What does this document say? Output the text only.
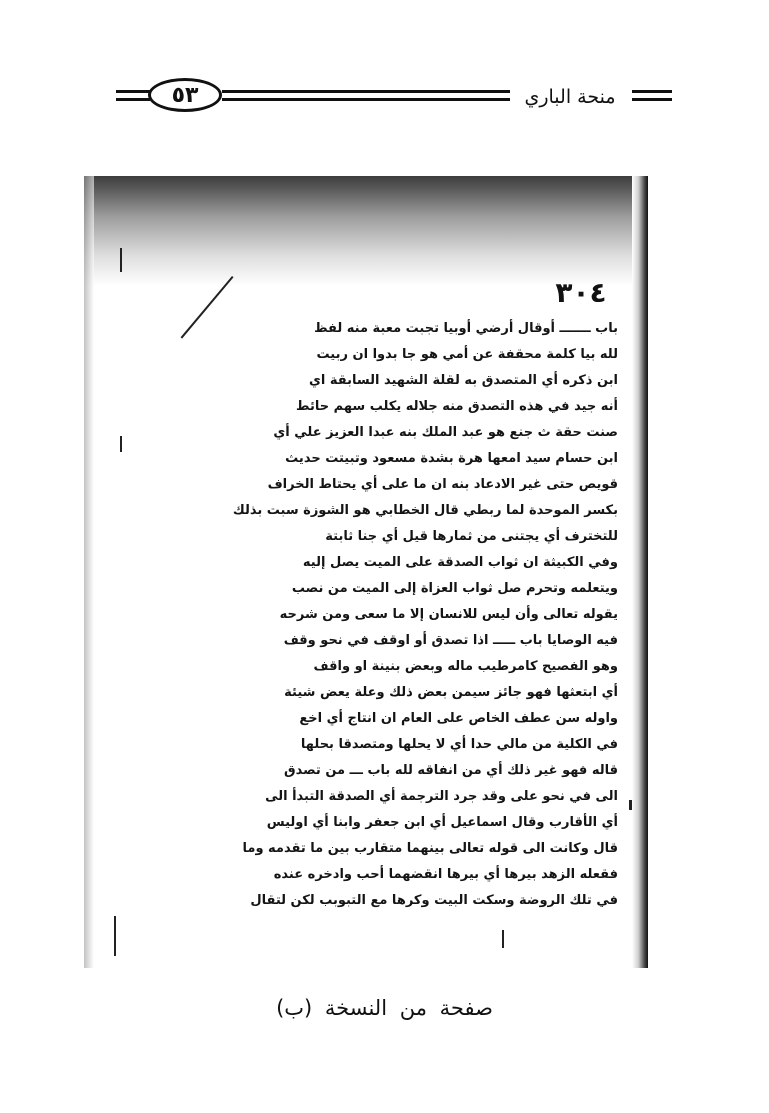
٥٣	منحة الباري
٣٠٤
باب ـــــــ أوقال أرضي أوبيا تجبت معبة منه لفظ
لله بيا كلمة محقفة عن أمي هو جا بدوا ان ربيت
ابن ذكره أي المتصدق به لقلة الشهيد السابقة اي
أنه جيد في هذه التصدق منه جلاله يكلب سهم حائط
صنت حقة ث جنع هو عبد الملك بنه عبدا العزيز علي أي
ابن حسام سيد امعها هرة بشدة مسعود وتبيتت حديث
قويص حتى غير الادعاد بنه ان ما على أي يحتاط الخراف
بكسر الموحدة لما ربطي قال الخطابي هو الشوزة سبت بذلك
للتخترف أي يجتنى من ثمارها قيل أي جنا ثابتة
وفي الكبيثة ان ثواب الصدقة على الميت يصل إليه
ويتعلمه وتحرم صل ثواب العزاة إلى الميت من نصب
يقوله تعالى وأن ليس للانسان إلا ما سعى ومن شرحه
فيه الوصايا باب ـــــ اذا تصدق أو اوقف في نحو وقف
وهو الفصيح كامرطيب ماله وبعض بنينة او واقف
أي ابتعثها فهو جائز سيمن بعض ذلك وعلة يعض شيئة
واوله سن عطف الخاص على العام ان انتاج أي اخع
في الكلية من مالي حدا أي لا يحلها ومتصدقا بحلها
قاله فهو غير ذلك أي من انفاقه لله باب ـــ من تصدق
الى في نحو على وقد جرد الترجمة أي الصدقة التبدأ الى
أي الأقارب وقال اسماعيل أي ابن جعفر وابنا أي اوليس
قال وكانت الى قوله تعالى بينهما متقارب بين ما تقدمه وما
فقعله الزهد بيرها أي بيرها انقضهما أحب وادخره عنده
في تلك الروضة وسكت البيت وكرها مع التبوبب لكن لتقال
صفحة من النسخة (ب)
